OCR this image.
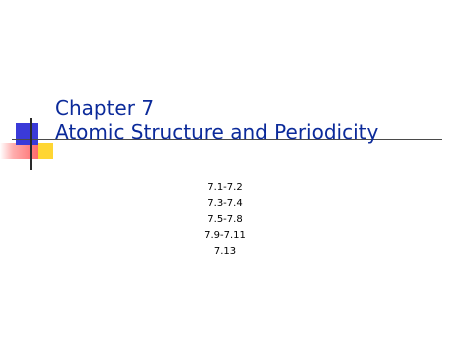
Chapter 7
Atomic Structure and Periodicity
7.1-7.2
7.3-7.4
7.5-7.8
7.9-7.11
7.13
